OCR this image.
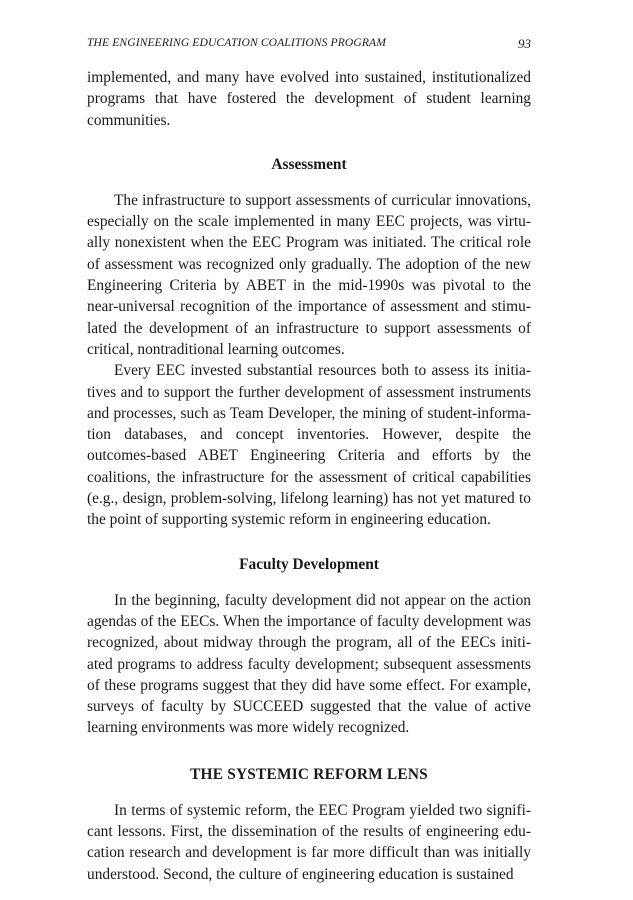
THE ENGINEERING EDUCATION COALITIONS PROGRAM	93

implemented, and many have evolved into sustained, institutionalized programs that have fostered the development of student learning communities.

Assessment

The infrastructure to support assessments of curricular innovations, especially on the scale implemented in many EEC projects, was virtually nonexistent when the EEC Program was initiated. The critical role of assessment was recognized only gradually. The adoption of the new Engineering Criteria by ABET in the mid-1990s was pivotal to the near-universal recognition of the importance of assessment and stimulated the development of an infrastructure to support assessments of critical, nontraditional learning outcomes.

Every EEC invested substantial resources both to assess its initiatives and to support the further development of assessment instruments and processes, such as Team Developer, the mining of student-information databases, and concept inventories. However, despite the outcomes-based ABET Engineering Criteria and efforts by the coalitions, the infrastructure for the assessment of critical capabilities (e.g., design, problem-solving, lifelong learning) has not yet matured to the point of supporting systemic reform in engineering education.

Faculty Development

In the beginning, faculty development did not appear on the action agendas of the EECs. When the importance of faculty development was recognized, about midway through the program, all of the EECs initiated programs to address faculty development; subsequent assessments of these programs suggest that they did have some effect. For example, surveys of faculty by SUCCEED suggested that the value of active learning environments was more widely recognized.

THE SYSTEMIC REFORM LENS

In terms of systemic reform, the EEC Program yielded two significant lessons. First, the dissemination of the results of engineering education research and development is far more difficult than was initially understood. Second, the culture of engineering education is sustained
